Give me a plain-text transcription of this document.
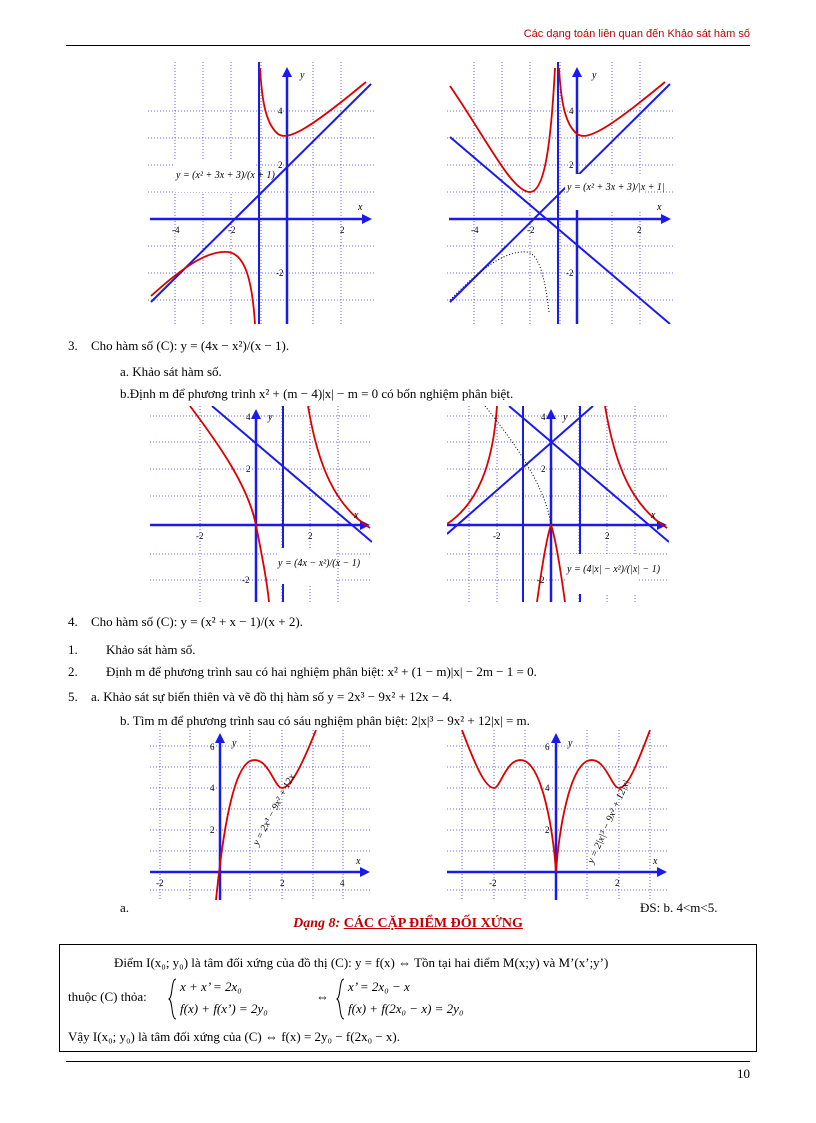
Các dạng toán liên quan đến Khảo sát hàm số
y = (x² + 3x + 3)/(x + 1)
-4	-2	2
4
2
-2
x
y
y = (x² + 3x + 3)/|x + 1|
-4	-2	2
4
2
-2
x
y
3. Cho hàm số (C): y = (4x − x²)/(x − 1).
a. Khảo sát hàm số.
b.Định m để phương trình x² + (m − 4)|x| − m = 0 có bốn nghiệm phân biệt.
y = (4x − x²)/(x − 1)
-2	2
4
2
-2
x
y
y = (4|x| − x²)/(|x| − 1)
-2	2
4
2
-2
x
y
4. Cho hàm số (C): y = (x² + x − 1)/(x + 2).
1. Khảo sát hàm số.
2. Định m để phương trình sau có hai nghiệm phân biệt: x² + (1 − m)|x| − 2m − 1 = 0.
5. a. Khảo sát sự biến thiên và vẽ đồ thị hàm số y = 2x³ − 9x² + 12x − 4.
b. Tìm m để phương trình sau có sáu nghiệm phân biệt: 2|x|³ − 9x² + 12|x| = m.
y = 2x³ − 9x² + 12x
-2	2	4
6
4
2
x
y
y = 2|x|³ − 9x² + 12|x|
-2	2
6
4
2
x
y
a.	ĐS: b. 4<m<5.
Dạng 8: CÁC CẶP ĐIỂM ĐỐI XỨNG
Điểm I(x₀; y₀) là tâm đối xứng của đồ thị (C): y = f(x) ⇔ Tồn tại hai điểm M(x;y) và M’(x’;y’)
thuộc (C) thỏa:
x + x’ = 2x₀
f(x) + f(x’) = 2y₀
⇔
x’ = 2x₀ − x
f(x) + f(2x₀ − x) = 2y₀
Vậy I(x₀; y₀) là tâm đối xứng của (C) ⇔ f(x) = 2y₀ − f(2x₀ − x).
10
